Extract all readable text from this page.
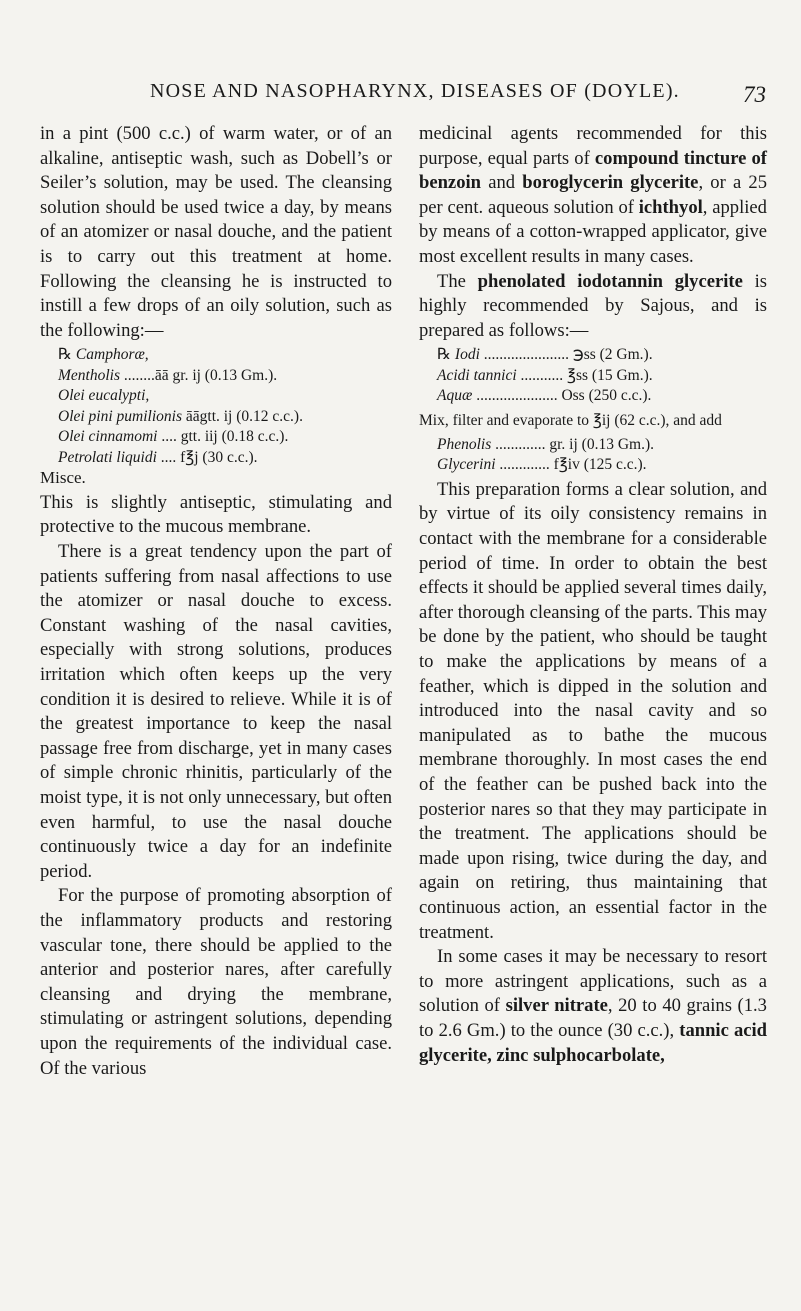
NOSE AND NASOPHARYNX, DISEASES OF (DOYLE).	73

in a pint (500 c.c.) of warm water, or of an alkaline, antiseptic wash, such as Dobell’s or Seiler’s solution, may be used. The cleansing solution should be used twice a day, by means of an atomizer or nasal douche, and the patient is to carry out this treatment at home. Following the cleansing he is instructed to instill a few drops of an oily solution, such as the following:—

℞ Camphoræ,
Mentholis ........āā gr. ij (0.13 Gm.).
Olei eucalypti,
Olei pini pumilionis āāgtt. ij (0.12 c.c.).
Olei cinnamomi .... gtt. iij (0.18 c.c.).
Petrolati liquidi .... f℥j (30 c.c.).
Misce.

This is slightly antiseptic, stimulating and protective to the mucous membrane.

There is a great tendency upon the part of patients suffering from nasal affections to use the atomizer or nasal douche to excess. Constant washing of the nasal cavities, especially with strong solutions, produces irritation which often keeps up the very condition it is desired to relieve. While it is of the greatest importance to keep the nasal passage free from discharge, yet in many cases of simple chronic rhinitis, particularly of the moist type, it is not only unnecessary, but often even harmful, to use the nasal douche continuously twice a day for an indefinite period.

For the purpose of promoting absorption of the inflammatory products and restoring vascular tone, there should be applied to the anterior and posterior nares, after carefully cleansing and drying the membrane, stimulating or astringent solutions, depending upon the requirements of the individual case. Of the various

medicinal agents recommended for this purpose, equal parts of compound tincture of benzoin and boroglycerin glycerite, or a 25 per cent. aqueous solution of ichthyol, applied by means of a cotton-wrapped applicator, give most excellent results in many cases.

The phenolated iodotannin glycerite is highly recommended by Sajous, and is prepared as follows:—

℞ Iodi ...................... ℈ss (2 Gm.).
Acidi tannici ........... ℥ss (15 Gm.).
Aquæ ..................... Oss (250 c.c.).

Mix, filter and evaporate to ℥ij (62 c.c.), and add

Phenolis ............. gr. ij (0.13 Gm.).
Glycerini ............. f℥iv (125 c.c.).

This preparation forms a clear solution, and by virtue of its oily consistency remains in contact with the membrane for a considerable period of time. In order to obtain the best effects it should be applied several times daily, after thorough cleansing of the parts. This may be done by the patient, who should be taught to make the applications by means of a feather, which is dipped in the solution and introduced into the nasal cavity and so manipulated as to bathe the mucous membrane thoroughly. In most cases the end of the feather can be pushed back into the posterior nares so that they may participate in the treatment. The applications should be made upon rising, twice during the day, and again on retiring, thus maintaining that continuous action, an essential factor in the treatment.

In some cases it may be necessary to resort to more astringent applications, such as a solution of silver nitrate, 20 to 40 grains (1.3 to 2.6 Gm.) to the ounce (30 c.c.), tannic acid glycerite, zinc sulphocarbolate,
